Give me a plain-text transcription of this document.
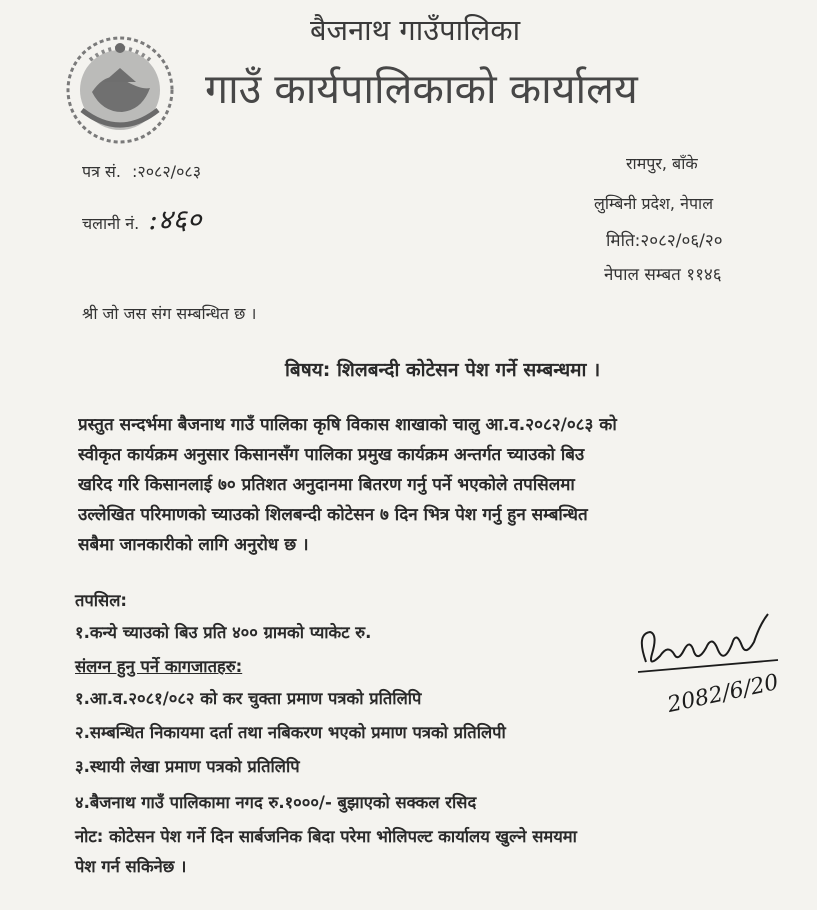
बैजनाथ गाउँपालिका
गाउँ कार्यपालिकाको कार्यालय
पत्र सं. :२०८२/०८३
चलानी नं. :४६०
रामपुर, बाँके
लुम्बिनी प्रदेश, नेपाल
मिति:२०८२/०६/२०
नेपाल सम्बत ११४६
श्री जो जस संग सम्बन्धित छ ।
बिषय: शिलबन्दी कोटेसन पेश गर्ने सम्बन्धमा ।
प्रस्तुत सन्दर्भमा बैजनाथ गाउँ पालिका कृषि विकास शाखाको चालु आ.व.२०८२/०८३ को
स्वीकृत कार्यक्रम अनुसार किसानसँग पालिका प्रमुख कार्यक्रम अन्तर्गत च्याउको बिउ
खरिद गरि किसानलाई ७० प्रतिशत अनुदानमा बितरण गर्नु पर्ने भएकोले तपसिलमा
उल्लेखित परिमाणको च्याउको शिलबन्दी कोटेसन ७ दिन भित्र पेश गर्नु हुन सम्बन्धित
सबैमा जानकारीको लागि अनुरोध छ ।
तपसिल:
१.कन्ये च्याउको बिउ प्रति ४०० ग्रामको प्याकेट रु.
संलग्न हुनु पर्ने कागजातहरु:
१.आ.व.२०८१/०८२ को कर चुक्ता प्रमाण पत्रको प्रतिलिपि
२.सम्बन्धित निकायमा दर्ता तथा नबिकरण भएको प्रमाण पत्रको प्रतिलिपी
३.स्थायी लेखा प्रमाण पत्रको प्रतिलिपि
४.बैजनाथ गाउँ पालिकामा नगद रु.१०००/- बुझाएको सक्कल रसिद
नोट: कोटेसन पेश गर्ने दिन सार्बजनिक बिदा परेमा भोलिपल्ट कार्यालय खुल्ने समयमा
पेश गर्न सकिनेछ ।
2082/6/20
